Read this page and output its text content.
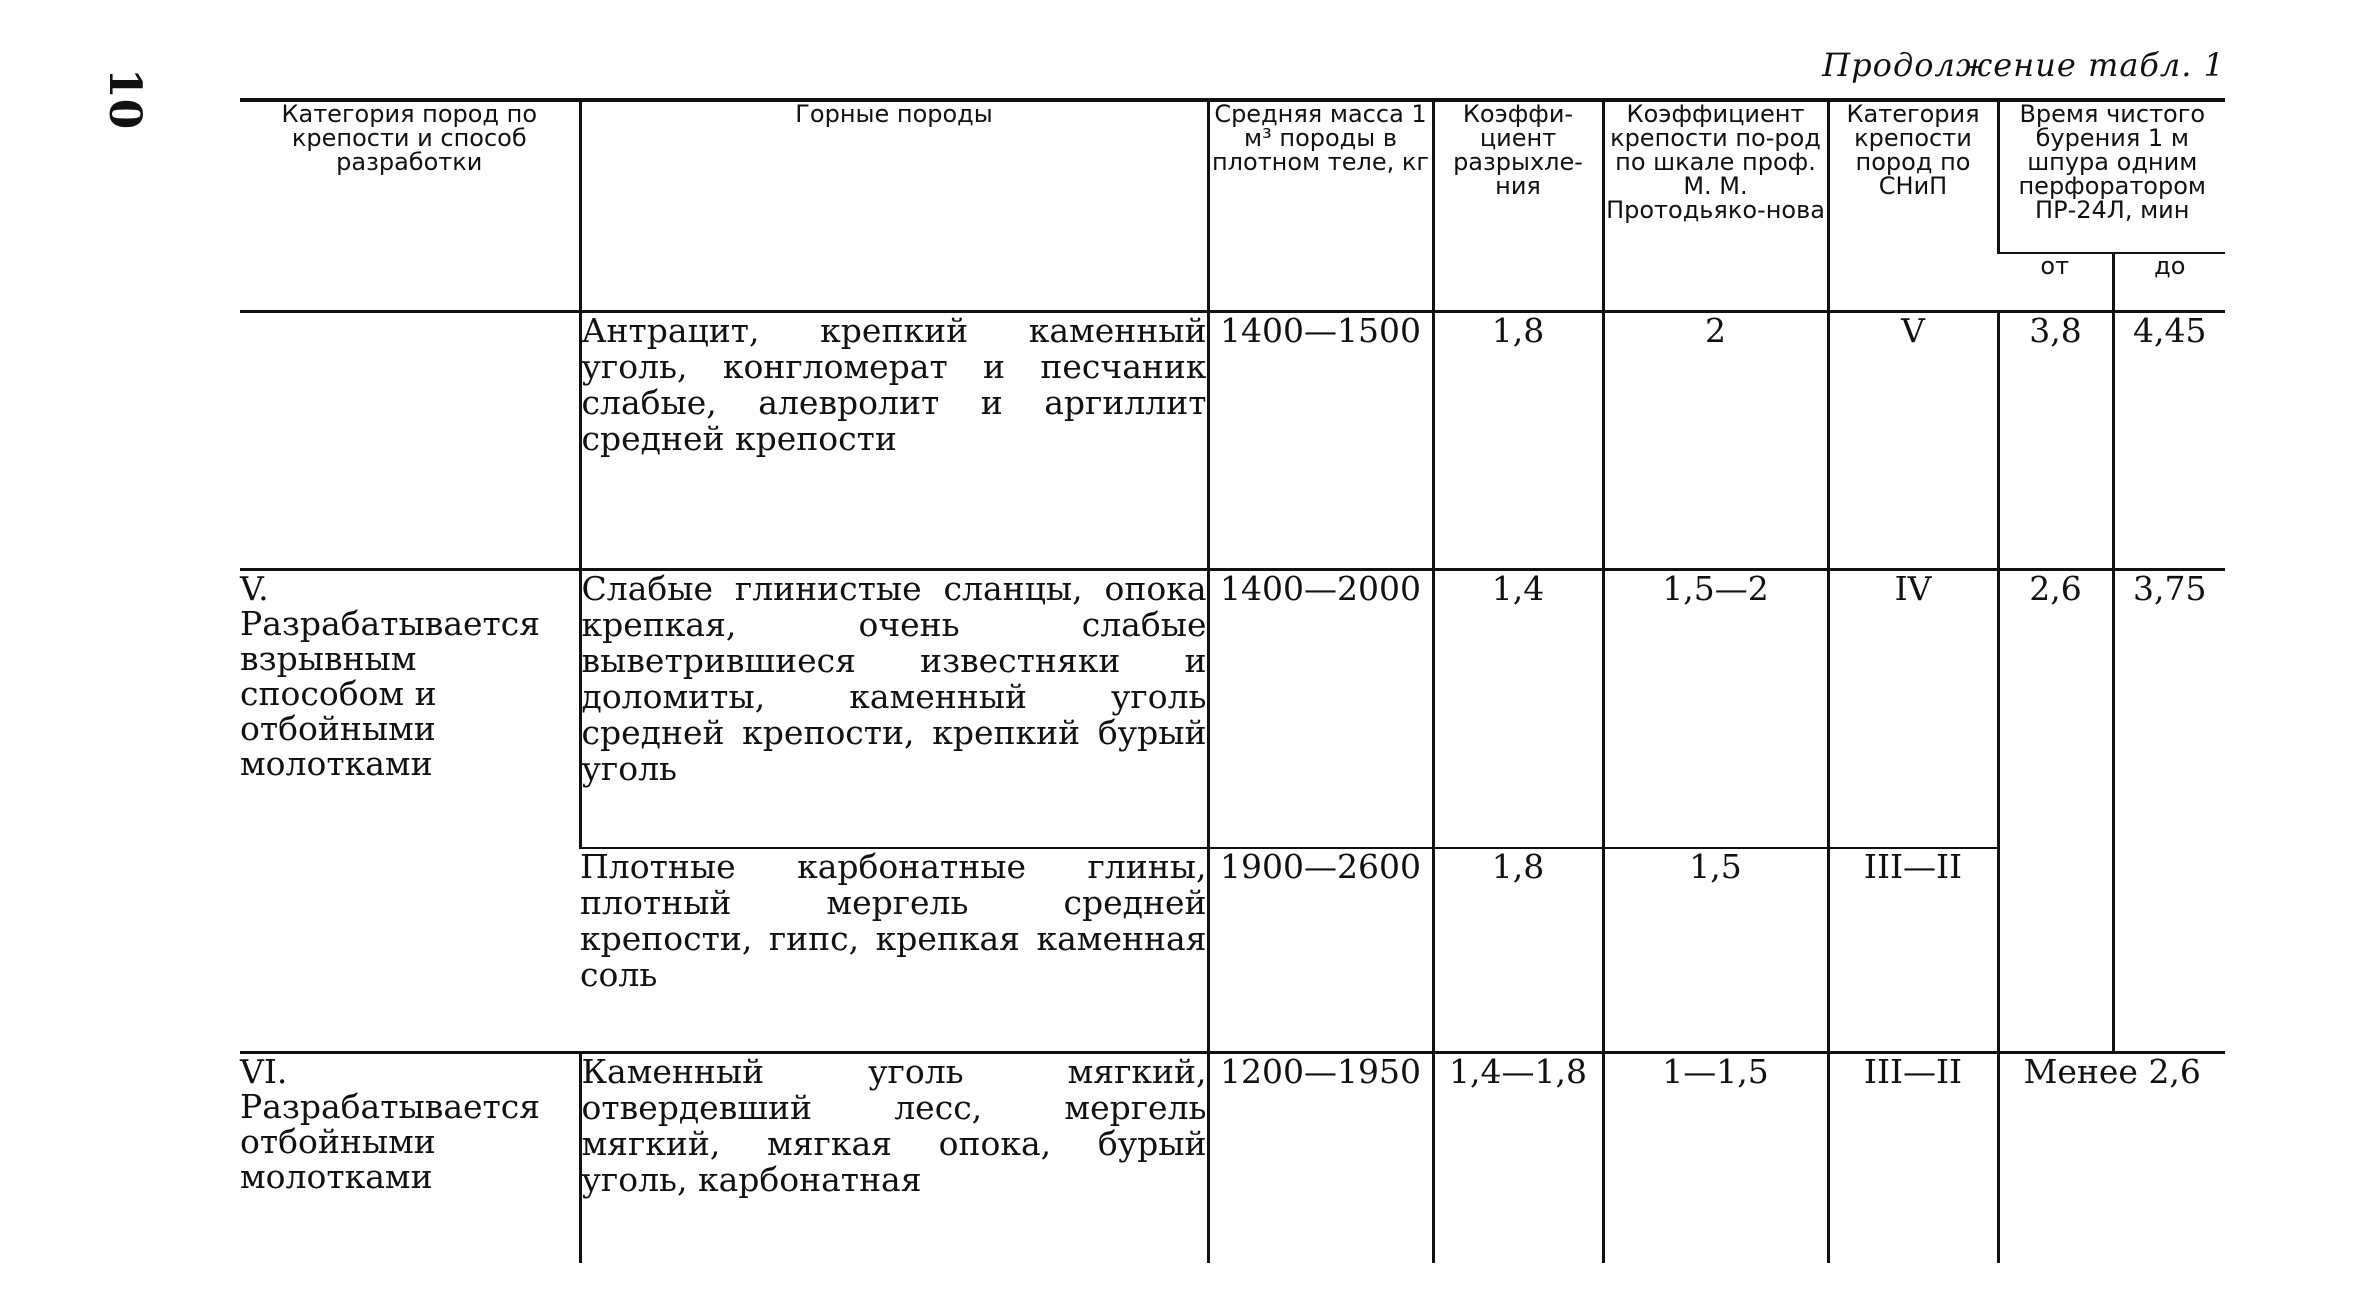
10
Продолжение табл. 1
Категория пород по крепости и способ разработки	Горные породы	Средняя масса 1 м³ породы в плотном теле, кг	Коэффи-циент разрыхле-ния	Коэффициент крепости по-род по шкале проф. М. М. Протодьяко-нова	Категория крепости пород по СНиП	Время чистого бурения 1 м шпура одним перфоратором ПР-24Л, мин	
						от	до
	Антрацит, крепкий каменный уголь, конгломерат и песчаник слабые, алевролит и аргиллит средней крепости	1400—1500	1,8	2	V	3,8	4,45
V. Разрабатывается взрывным способом и отбойными молотками	Слабые глинистые сланцы, опока крепкая, очень слабые выветрившиеся известняки и доломиты, каменный уголь средней крепости, крепкий бурый уголь	1400—2000	1,4	1,5—2	IV	2,6	3,75
	Плотные карбонатные глины, плотный мергель средней крепости, гипс, крепкая каменная соль	1900—2600	1,8	1,5	III—II		
VI. Разрабатывается отбойными молотками	Каменный уголь мягкий, отвердевший лесс, мергель мягкий, мягкая опока, бурый уголь, карбонатная	1200—1950	1,4—1,8	1—1,5	III—II	Менее 2,6	
